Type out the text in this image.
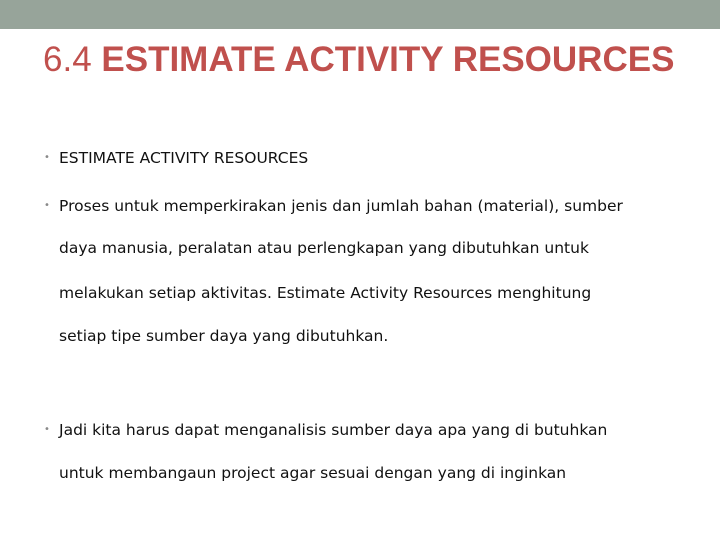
6.4 ESTIMATE ACTIVITY RESOURCES
• ESTIMATE ACTIVITY RESOURCES
• Proses untuk memperkirakan jenis dan jumlah bahan (material), sumber
daya manusia, peralatan atau perlengkapan yang dibutuhkan untuk
melakukan setiap aktivitas. Estimate Activity Resources menghitung
setiap tipe sumber daya yang dibutuhkan.
• Jadi kita harus dapat menganalisis sumber daya apa yang di butuhkan
untuk membangaun project agar sesuai dengan yang di inginkan
